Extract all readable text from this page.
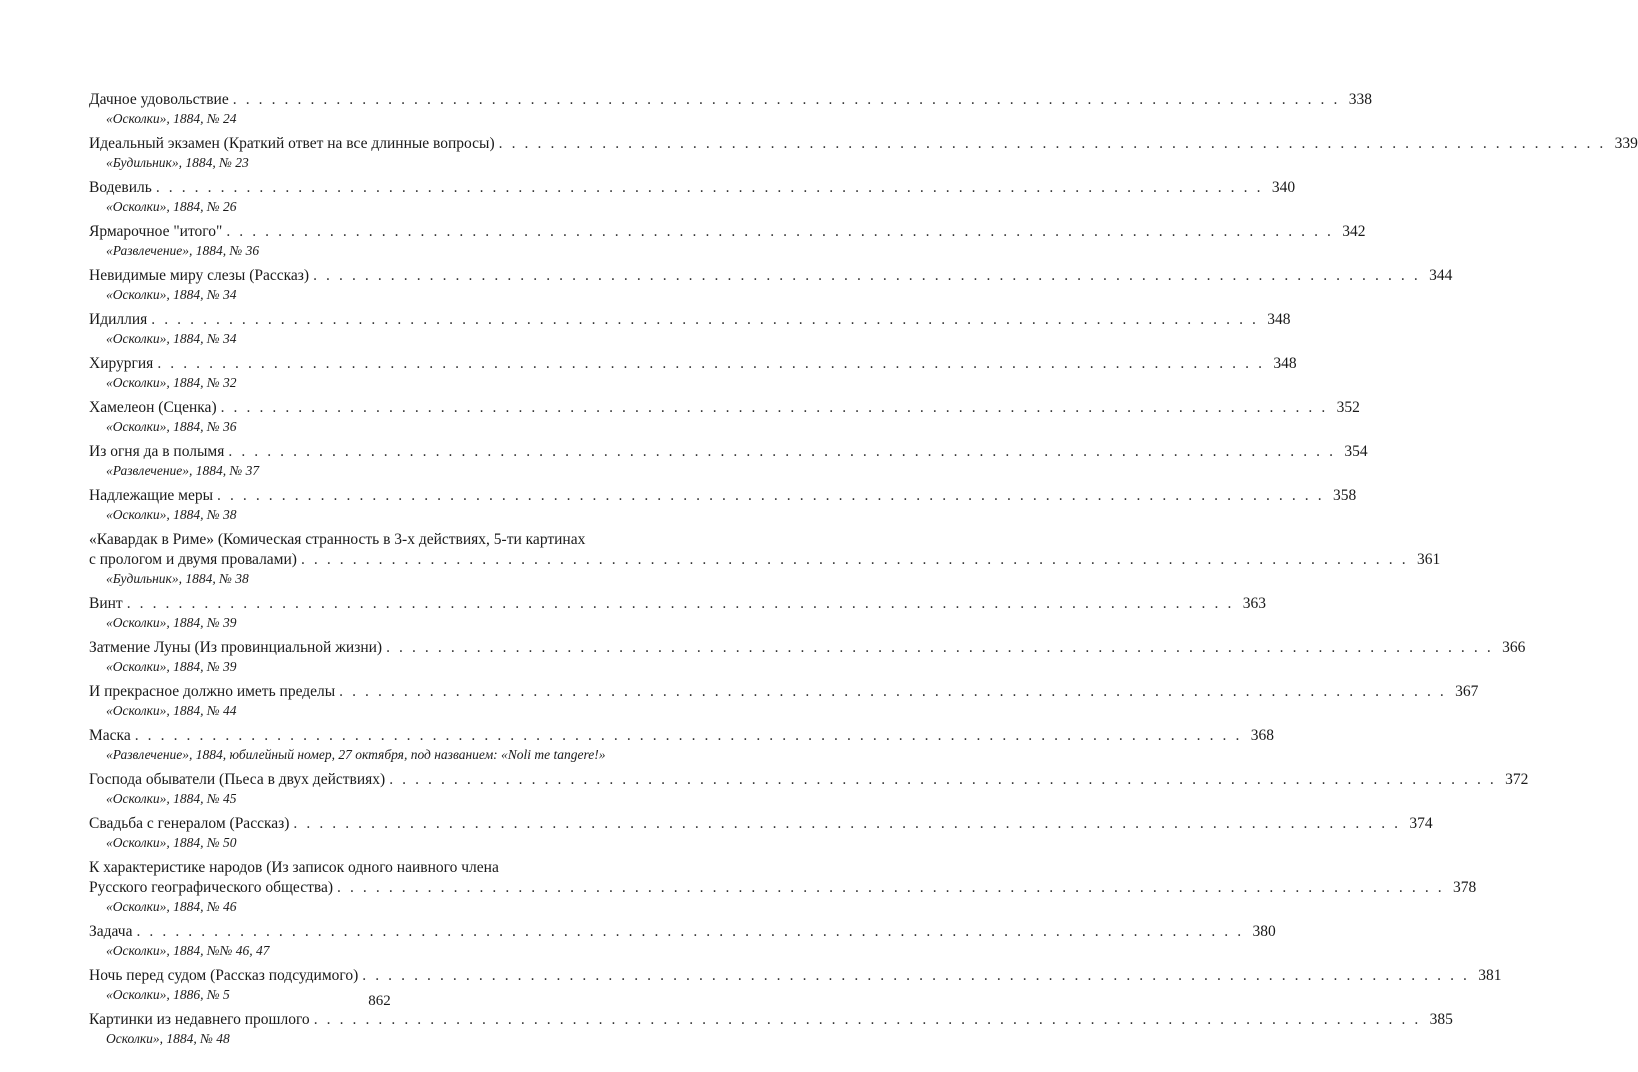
Дачное удовольствие . . . . . . . . . . . . . . . . . . . . . . . . . . . . . . . . . . . . . . . . . . . . . . . . . . . . . . . . . . . . . . . . . . . . . . . . . . . . . . . . . . . . . . 338
«Осколки», 1884, № 24
Идеальный экзамен (Краткий ответ на все длинные вопросы) . . . . . . . . . . . . . . . . . . . . . . . . . . . . . . . . . . . . . . . . . . . . . . . . . . . . . . . . . . . . . . . . . . . . . . . . . . . . . . . . . . . . . . 339
«Будильник», 1884, № 23
Водевиль . . . . . . . . . . . . . . . . . . . . . . . . . . . . . . . . . . . . . . . . . . . . . . . . . . . . . . . . . . . . . . . . . . . . . . . . . . . . . . . . . . . . . . 340
«Осколки», 1884, № 26
Ярмарочное "итого" . . . . . . . . . . . . . . . . . . . . . . . . . . . . . . . . . . . . . . . . . . . . . . . . . . . . . . . . . . . . . . . . . . . . . . . . . . . . . . . . . . . . . . 342
«Развлечение», 1884, № 36
Невидимые миру слезы (Рассказ) . . . . . . . . . . . . . . . . . . . . . . . . . . . . . . . . . . . . . . . . . . . . . . . . . . . . . . . . . . . . . . . . . . . . . . . . . . . . . . . . . . . . . . 344
«Осколки», 1884, № 34
Идиллия . . . . . . . . . . . . . . . . . . . . . . . . . . . . . . . . . . . . . . . . . . . . . . . . . . . . . . . . . . . . . . . . . . . . . . . . . . . . . . . . . . . . . . 348
«Осколки», 1884, № 34
Хирургия . . . . . . . . . . . . . . . . . . . . . . . . . . . . . . . . . . . . . . . . . . . . . . . . . . . . . . . . . . . . . . . . . . . . . . . . . . . . . . . . . . . . . . 348
«Осколки», 1884, № 32
Хамелеон (Сценка) . . . . . . . . . . . . . . . . . . . . . . . . . . . . . . . . . . . . . . . . . . . . . . . . . . . . . . . . . . . . . . . . . . . . . . . . . . . . . . . . . . . . . . 352
«Осколки», 1884, № 36
Из огня да в полымя . . . . . . . . . . . . . . . . . . . . . . . . . . . . . . . . . . . . . . . . . . . . . . . . . . . . . . . . . . . . . . . . . . . . . . . . . . . . . . . . . . . . . . 354
«Развлечение», 1884, № 37
Надлежащие меры . . . . . . . . . . . . . . . . . . . . . . . . . . . . . . . . . . . . . . . . . . . . . . . . . . . . . . . . . . . . . . . . . . . . . . . . . . . . . . . . . . . . . . 358
«Осколки», 1884, № 38
«Кавардак в Риме» (Комическая странность в 3-х действиях, 5-ти картинах
с прологом и двумя провалами) . . . . . . . . . . . . . . . . . . . . . . . . . . . . . . . . . . . . . . . . . . . . . . . . . . . . . . . . . . . . . . . . . . . . . . . . . . . . . . . . . . . . . . 361
«Будильник», 1884, № 38
Винт . . . . . . . . . . . . . . . . . . . . . . . . . . . . . . . . . . . . . . . . . . . . . . . . . . . . . . . . . . . . . . . . . . . . . . . . . . . . . . . . . . . . . . 363
«Осколки», 1884, № 39
Затмение Луны (Из провинциальной жизни) . . . . . . . . . . . . . . . . . . . . . . . . . . . . . . . . . . . . . . . . . . . . . . . . . . . . . . . . . . . . . . . . . . . . . . . . . . . . . . . . . . . . . . 366
«Осколки», 1884, № 39
И прекрасное должно иметь пределы . . . . . . . . . . . . . . . . . . . . . . . . . . . . . . . . . . . . . . . . . . . . . . . . . . . . . . . . . . . . . . . . . . . . . . . . . . . . . . . . . . . . . . 367
«Осколки», 1884, № 44
Маска . . . . . . . . . . . . . . . . . . . . . . . . . . . . . . . . . . . . . . . . . . . . . . . . . . . . . . . . . . . . . . . . . . . . . . . . . . . . . . . . . . . . . . 368
«Развлечение», 1884, юбилейный номер, 27 октября, под названием: «Noli me tangere!»
Господа обыватели (Пьеса в двух действиях) . . . . . . . . . . . . . . . . . . . . . . . . . . . . . . . . . . . . . . . . . . . . . . . . . . . . . . . . . . . . . . . . . . . . . . . . . . . . . . . . . . . . . . 372
«Осколки», 1884, № 45
Свадьба с генералом (Рассказ) . . . . . . . . . . . . . . . . . . . . . . . . . . . . . . . . . . . . . . . . . . . . . . . . . . . . . . . . . . . . . . . . . . . . . . . . . . . . . . . . . . . . . . 374
«Осколки», 1884, № 50
К характеристике народов (Из записок одного наивного члена
Русского географического общества) . . . . . . . . . . . . . . . . . . . . . . . . . . . . . . . . . . . . . . . . . . . . . . . . . . . . . . . . . . . . . . . . . . . . . . . . . . . . . . . . . . . . . . 378
«Осколки», 1884, № 46
Задача . . . . . . . . . . . . . . . . . . . . . . . . . . . . . . . . . . . . . . . . . . . . . . . . . . . . . . . . . . . . . . . . . . . . . . . . . . . . . . . . . . . . . . 380
«Осколки», 1884, №№ 46, 47
Ночь перед судом (Рассказ подсудимого) . . . . . . . . . . . . . . . . . . . . . . . . . . . . . . . . . . . . . . . . . . . . . . . . . . . . . . . . . . . . . . . . . . . . . . . . . . . . . . . . . . . . . . 381
«Осколки», 1886, № 5
Картинки из недавнего прошлого . . . . . . . . . . . . . . . . . . . . . . . . . . . . . . . . . . . . . . . . . . . . . . . . . . . . . . . . . . . . . . . . . . . . . . . . . . . . . . . . . . . . . . 385
Осколки», 1884, № 48
862
